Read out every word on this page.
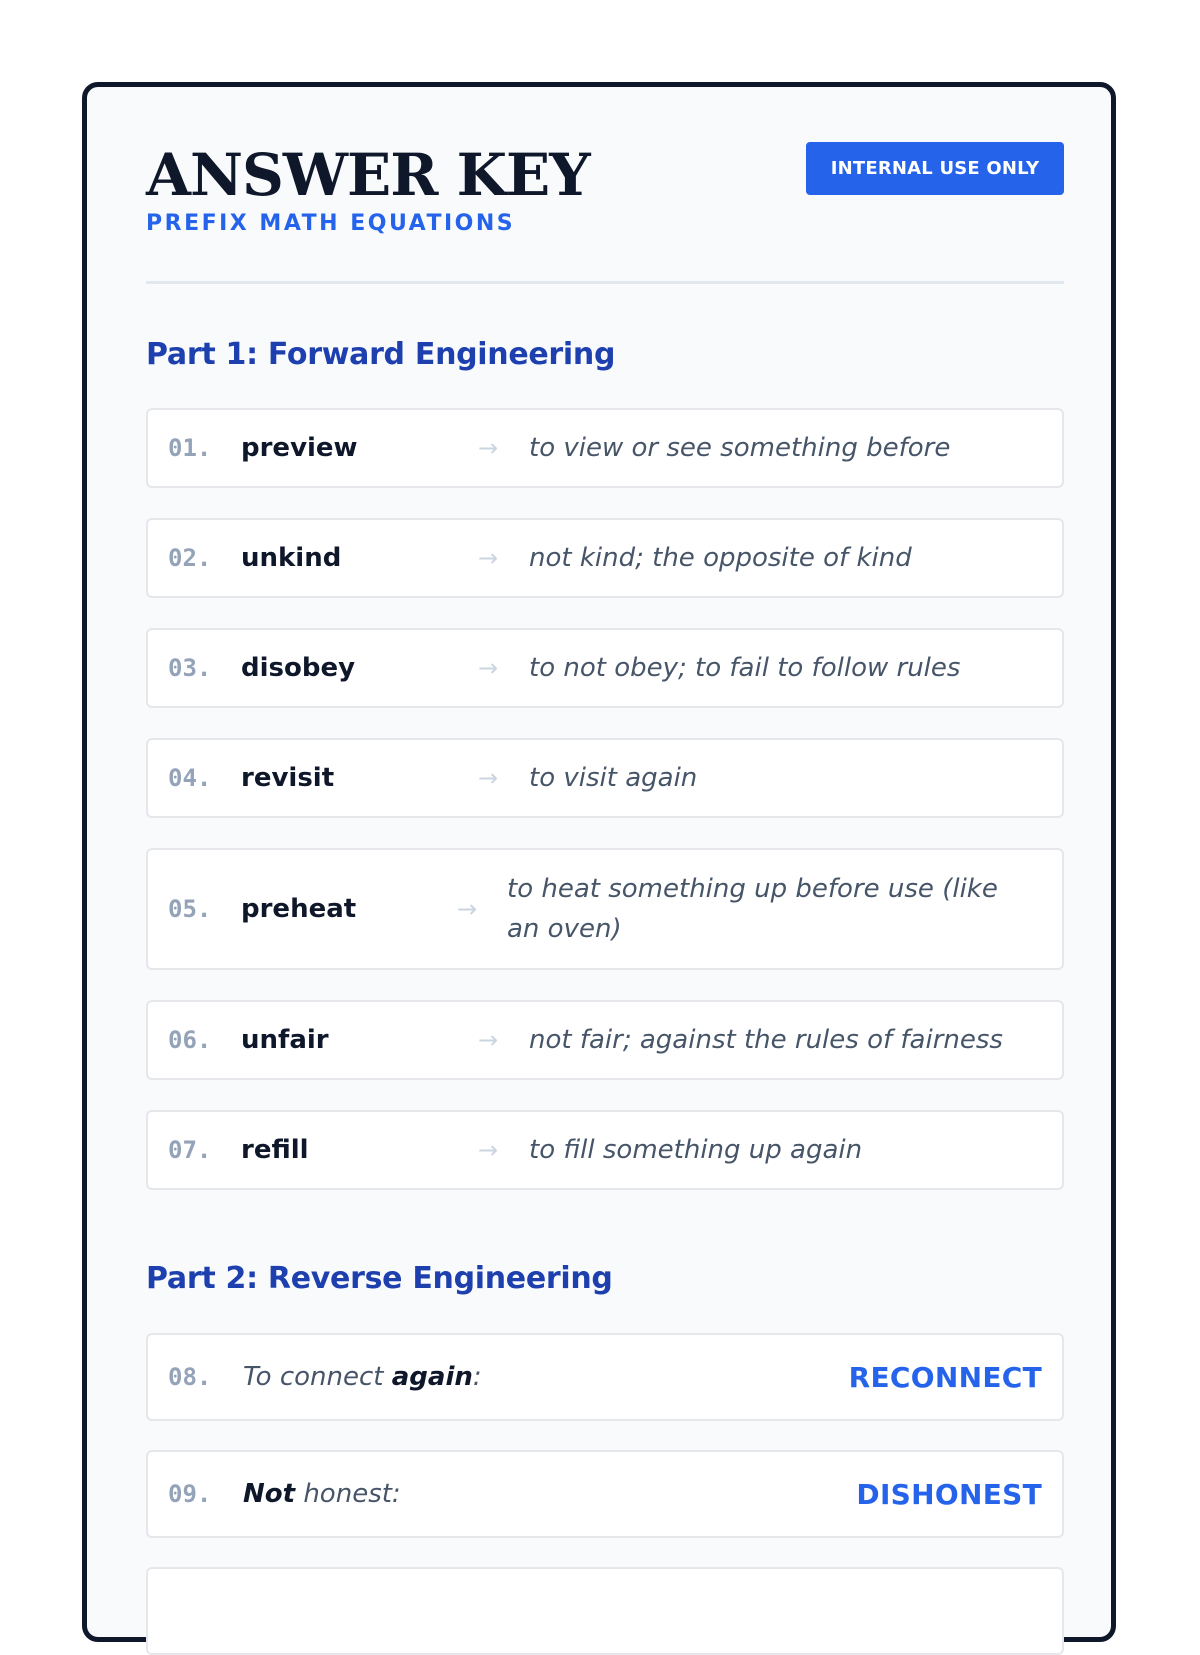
ANSWER KEY
PREFIX MATH EQUATIONS
INTERNAL USE ONLY
Part 1: Forward Engineering
01. preview	→ to view or see something before
02. unkind	→ not kind; the opposite of kind
03. disobey	→ to not obey; to fail to follow rules
04. revisit	→ to visit again
05. preheat	→
to heat something up before use (like an oven)
06. unfair	→ not fair; against the rules of fairness
07. refill	→ to fill something up again
Part 2: Reverse Engineering
08. To connect again:	RECONNECT
09. Not honest:	DISHONEST
